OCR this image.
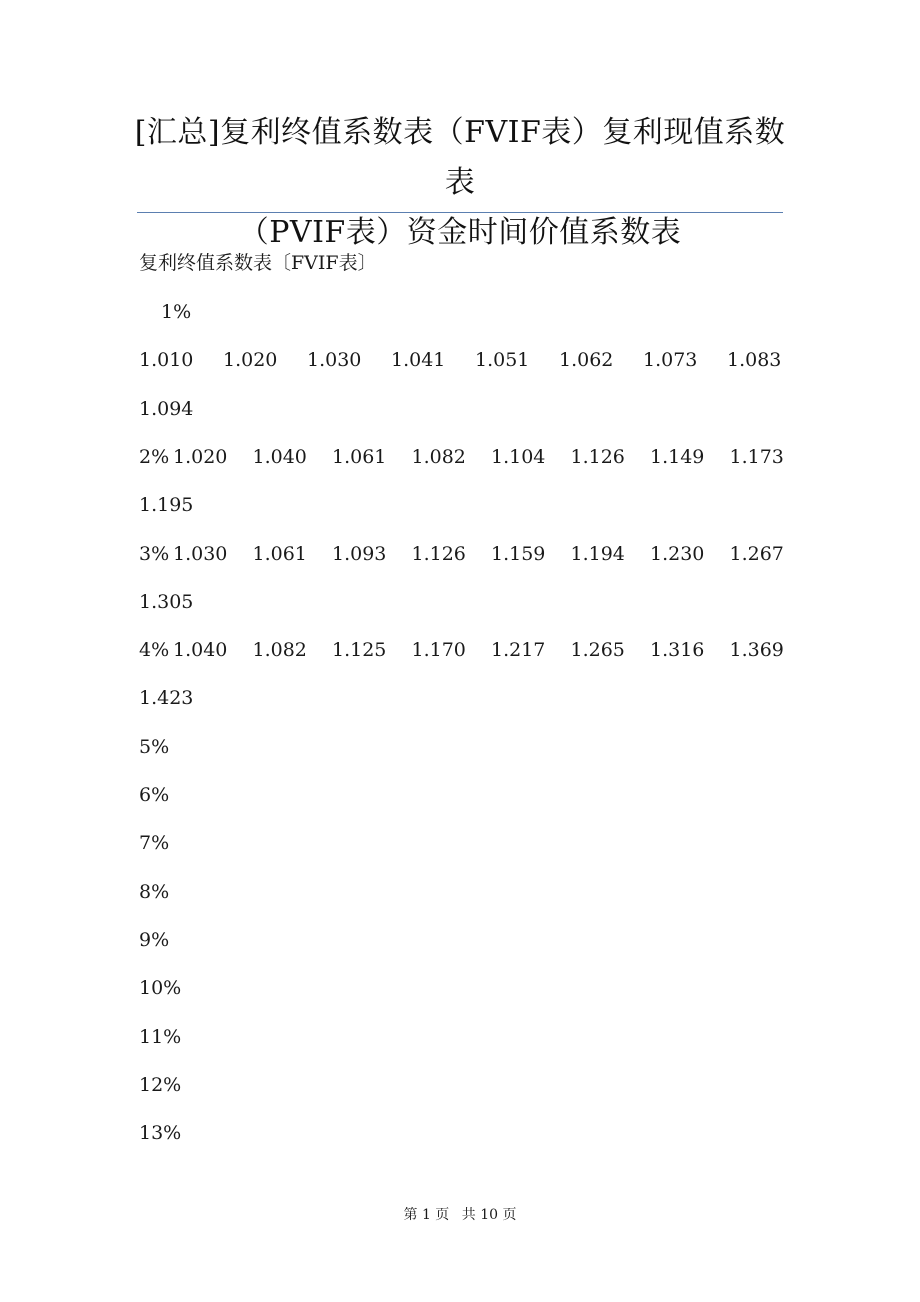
[汇总]复利终值系数表（FVIF表）复利现值系数表
（PVIF表）资金时间价值系数表
复利终值系数表〔FVIF表〕
1%
1.010 1.020 1.030 1.041 1.051 1.062 1.073 1.083
1.094
2% 1.020 1.040 1.061 1.082 1.104 1.126 1.149 1.173
1.195
3% 1.030 1.061 1.093 1.126 1.159 1.194 1.230 1.267
1.305
4% 1.040 1.082 1.125 1.170 1.217 1.265 1.316 1.369
1.423
5%
6%
7%
8%
9%
10%
11%
12%
13%
第 1 页 共 10 页
